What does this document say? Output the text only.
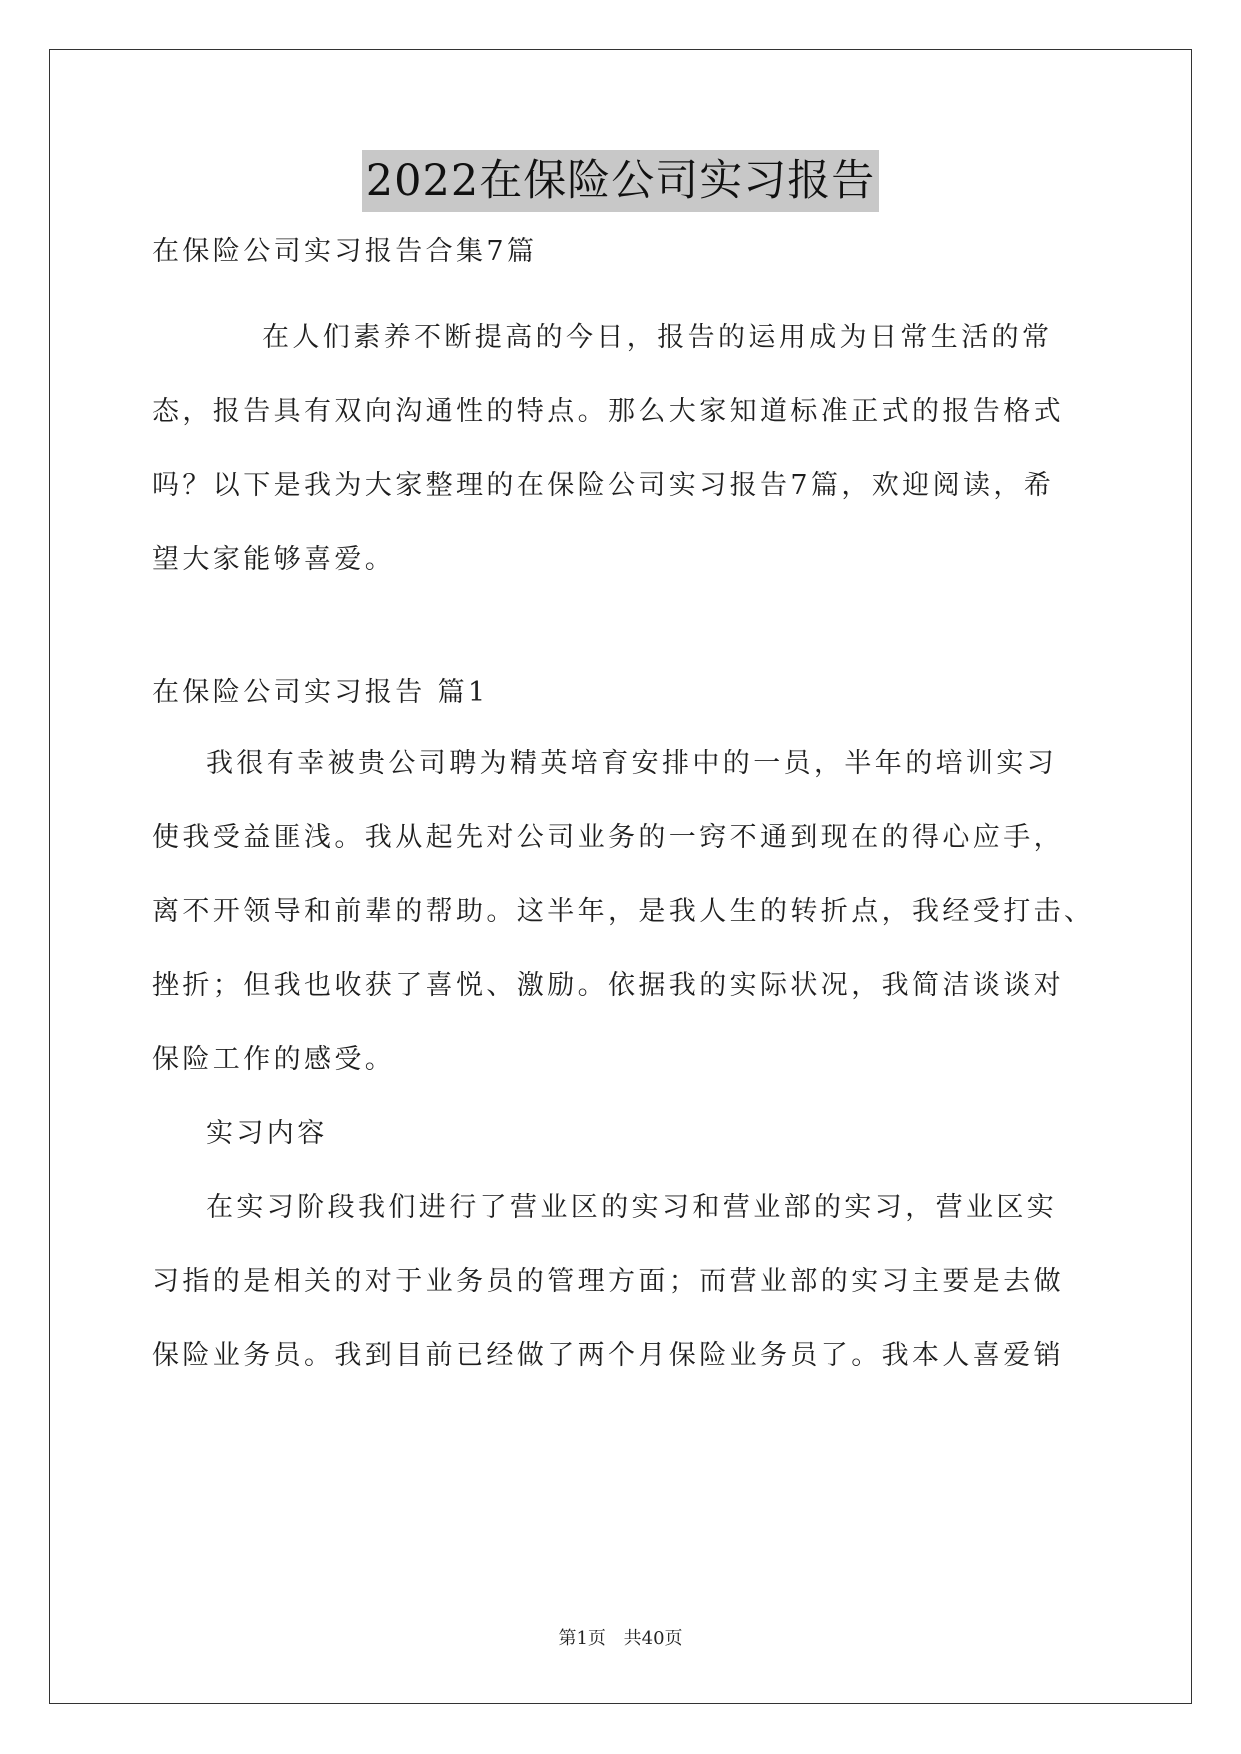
2022在保险公司实习报告
在保险公司实习报告合集7篇
在人们素养不断提高的今日，报告的运用成为日常生活的常
态，报告具有双向沟通性的特点。那么大家知道标准正式的报告格式
吗？以下是我为大家整理的在保险公司实习报告7篇，欢迎阅读，希
望大家能够喜爱。
在保险公司实习报告 篇1
我很有幸被贵公司聘为精英培育安排中的一员，半年的培训实习
使我受益匪浅。我从起先对公司业务的一窍不通到现在的得心应手，
离不开领导和前辈的帮助。这半年，是我人生的转折点，我经受打击、
挫折；但我也收获了喜悦、激励。依据我的实际状况，我简洁谈谈对
保险工作的感受。
实习内容
在实习阶段我们进行了营业区的实习和营业部的实习，营业区实
习指的是相关的对于业务员的管理方面；而营业部的实习主要是去做
保险业务员。我到目前已经做了两个月保险业务员了。我本人喜爱销
第1页 共40页
